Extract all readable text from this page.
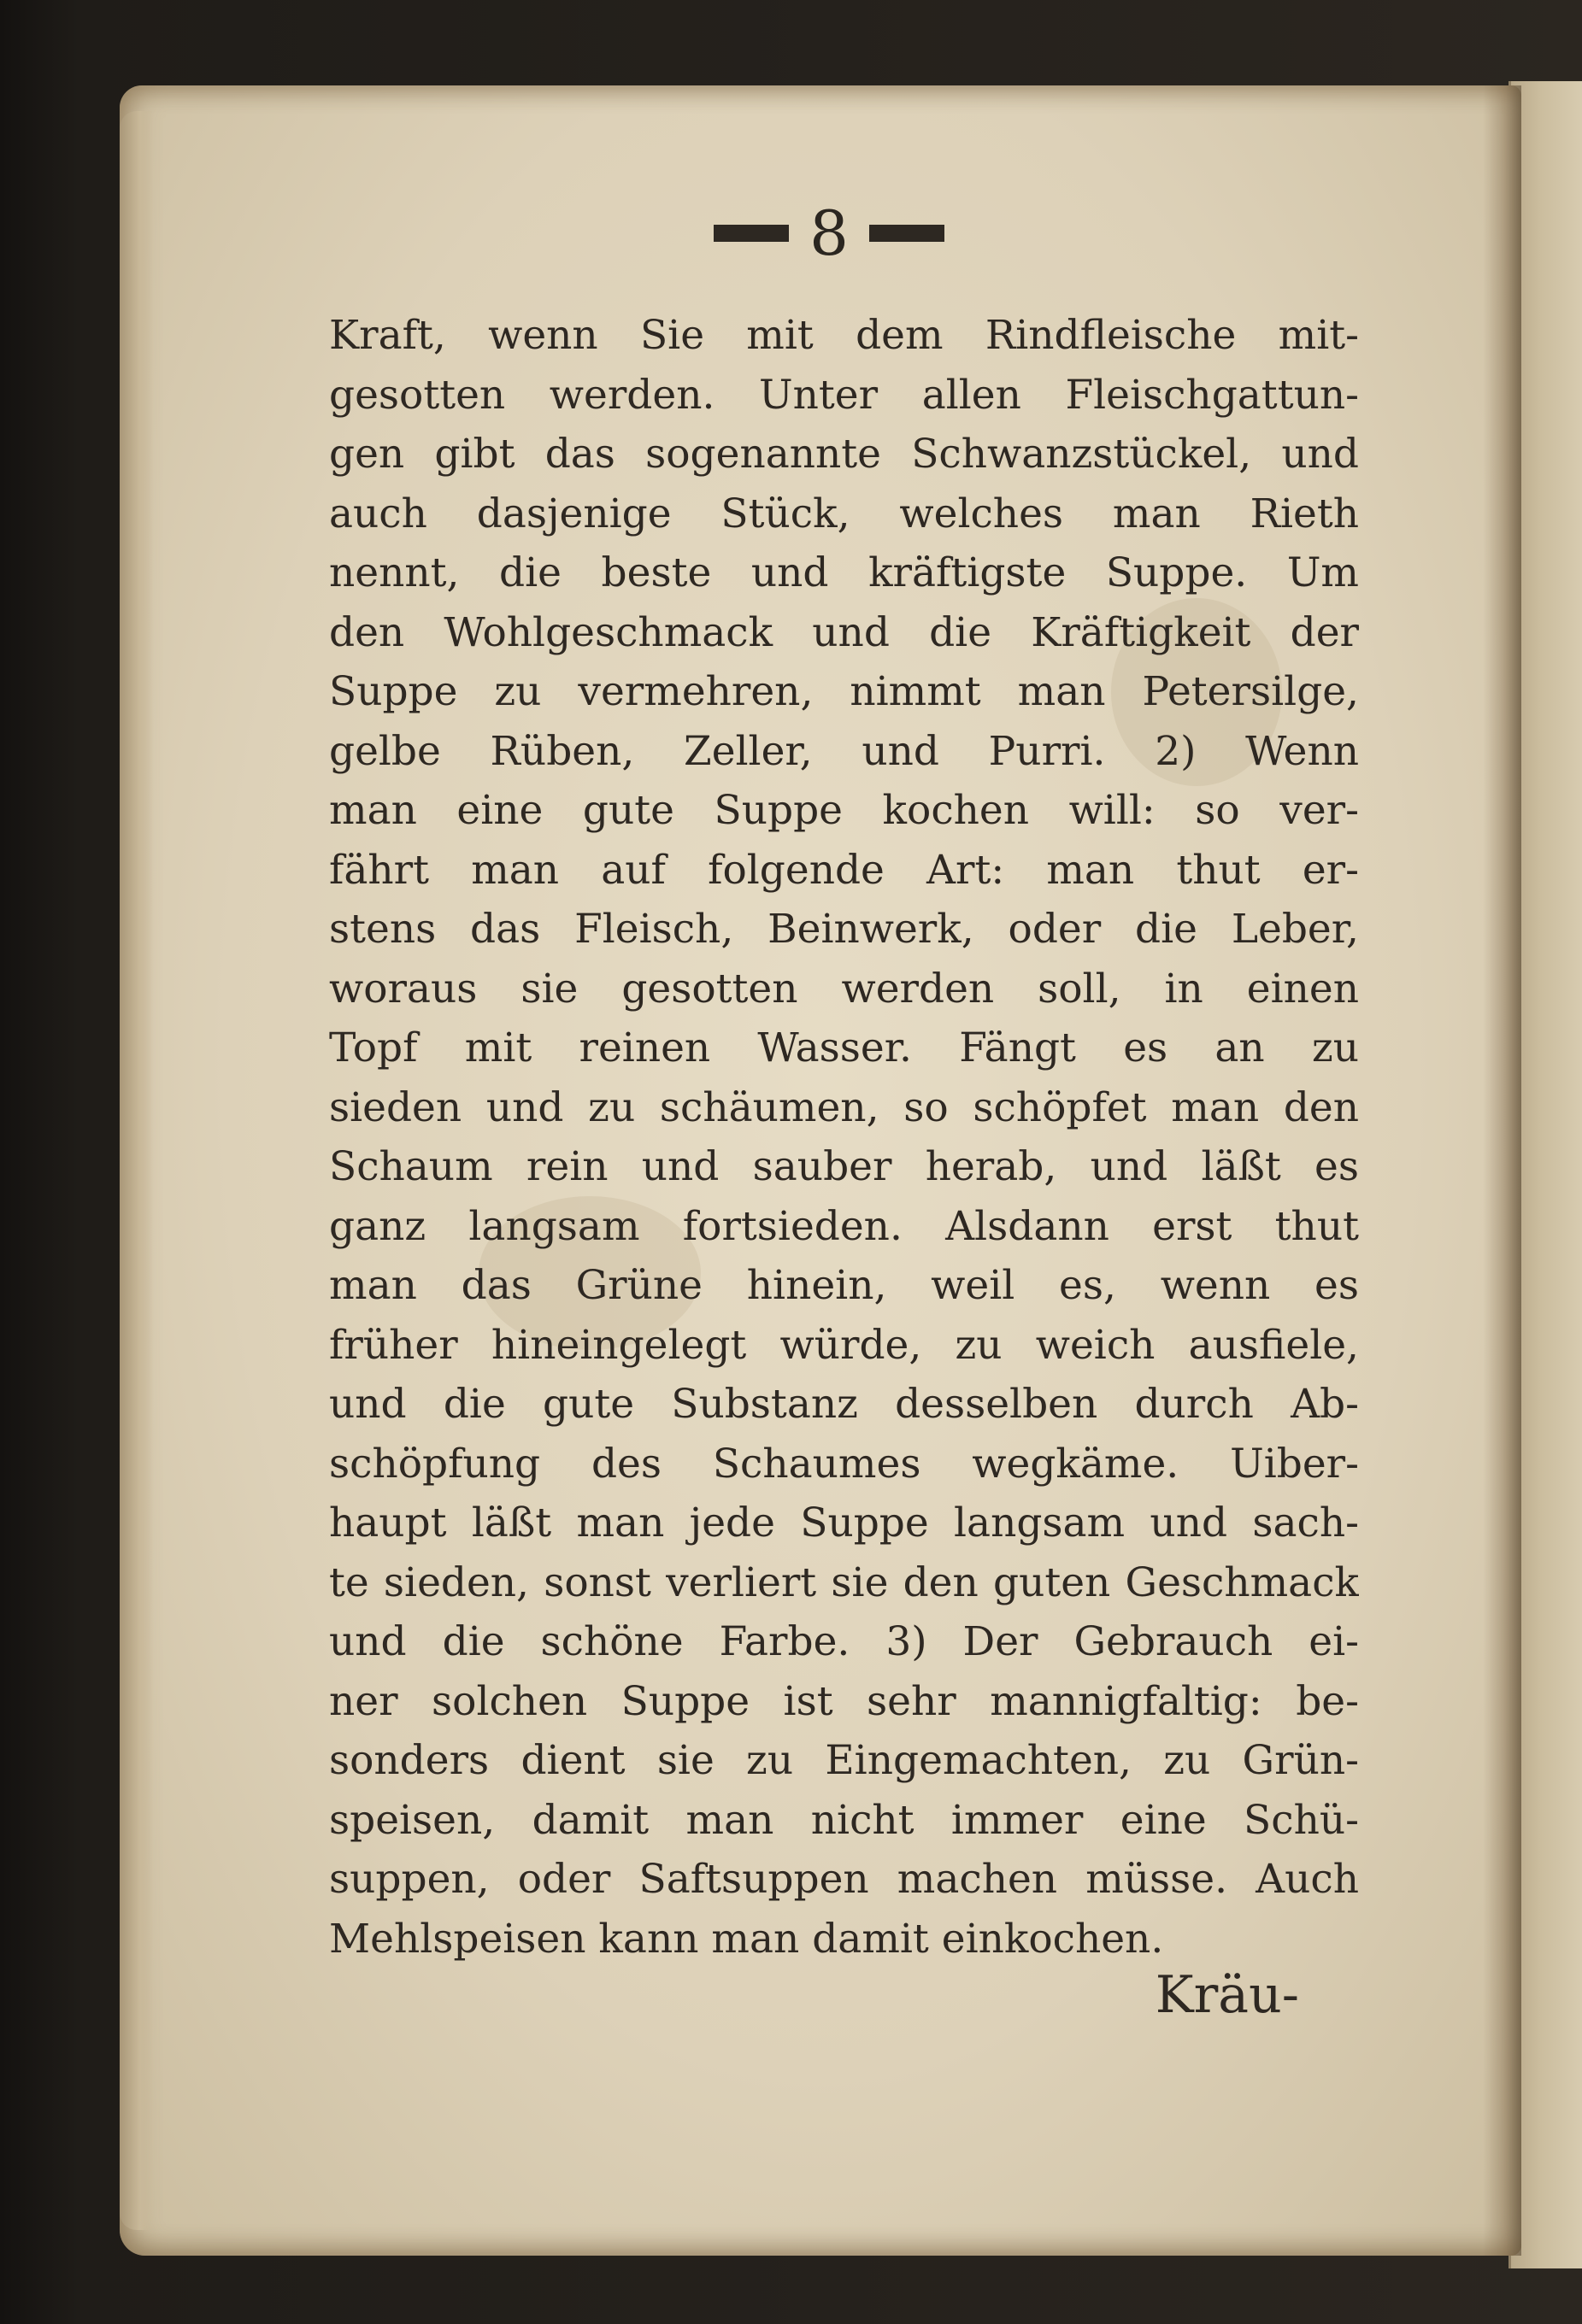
8
Kraft, wenn Sie mit dem Rindfleische mit-
gesotten werden. Unter allen Fleischgattun-
gen gibt das sogenannte Schwanzstückel, und
auch dasjenige Stück, welches man Rieth
nennt, die beste und kräftigste Suppe. Um
den Wohlgeschmack und die Kräftigkeit der
Suppe zu vermehren, nimmt man Petersilge,
gelbe Rüben, Zeller, und Purri. 2) Wenn
man eine gute Suppe kochen will: so ver-
fährt man auf folgende Art: man thut er-
stens das Fleisch, Beinwerk, oder die Leber,
woraus sie gesotten werden soll, in einen
Topf mit reinen Wasser. Fängt es an zu
sieden und zu schäumen, so schöpfet man den
Schaum rein und sauber herab, und läßt es
ganz langsam fortsieden. Alsdann erst thut
man das Grüne hinein, weil es, wenn es
früher hineingelegt würde, zu weich ausfiele,
und die gute Substanz desselben durch Ab-
schöpfung des Schaumes wegkäme. Uiber-
haupt läßt man jede Suppe langsam und sach-
te sieden, sonst verliert sie den guten Geschmack
und die schöne Farbe. 3) Der Gebrauch ei-
ner solchen Suppe ist sehr mannigfaltig: be-
sonders dient sie zu Eingemachten, zu Grün-
speisen, damit man nicht immer eine Schü-
suppen, oder Saftsuppen machen müsse. Auch
Mehlspeisen kann man damit einkochen.
Kräu-
